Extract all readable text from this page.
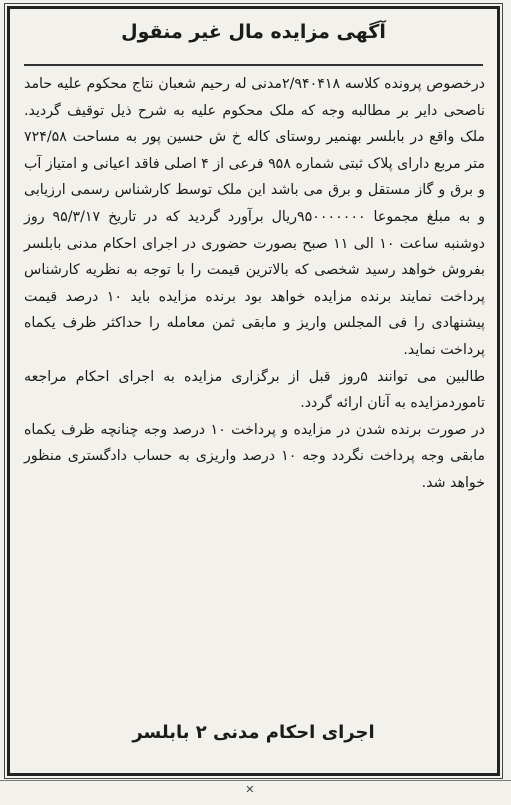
آگهی مزایده مال غیر منقول

درخصوص پرونده کلاسه ۲/۹۴۰۴۱۸مدنی له رحیم شعبان نتاج محکوم علیه حامد ناصحی دایر بر مطالبه وجه که ملک محکوم علیه به شرح ذیل توقیف گردید. ملک واقع در بابلسر بهنمیر روستای کاله خ ش حسین پور به مساحت ۷۲۴/۵۸ متر مربع دارای پلاک ثبتی شماره ۹۵۸ فرعی از ۴ اصلی فاقد اعیانی و امتیاز آب و برق و گاز مستقل و برق می باشد این ملک توسط کارشناس رسمی ارزیابی و به مبلغ مجموعا ۹۵۰۰۰۰۰۰۰ریال برآورد گردید که در تاریخ ۹۵/۳/۱۷ روز دوشنبه ساعت ۱۰ الی ۱۱ صبح بصورت حضوری در اجرای احکام مدنی بابلسر بفروش خواهد رسید شخصی که بالاترین قیمت را با توجه به نظریه کارشناس پرداخت نمایند برنده مزایده خواهد بود برنده مزایده باید ۱۰ درصد قیمت پیشنهادی را فی المجلس واریز و مابقی ثمن معامله را حداکثر ظرف یکماه پرداخت نماید.

طالبین می توانند ۵روز قبل از برگزاری مزایده به اجرای احکام مراجعه تاموردمزایده به آنان ارائه گردد.

در صورت برنده شدن در مزایده و پرداخت ۱۰ درصد وجه چنانچه ظرف یکماه مابقی وجه پرداخت نگردد وجه ۱۰ درصد واریزی به حساب دادگستری منظور خواهد شد.

اجرای احکام مدنی ۲ بابلسر
✕
